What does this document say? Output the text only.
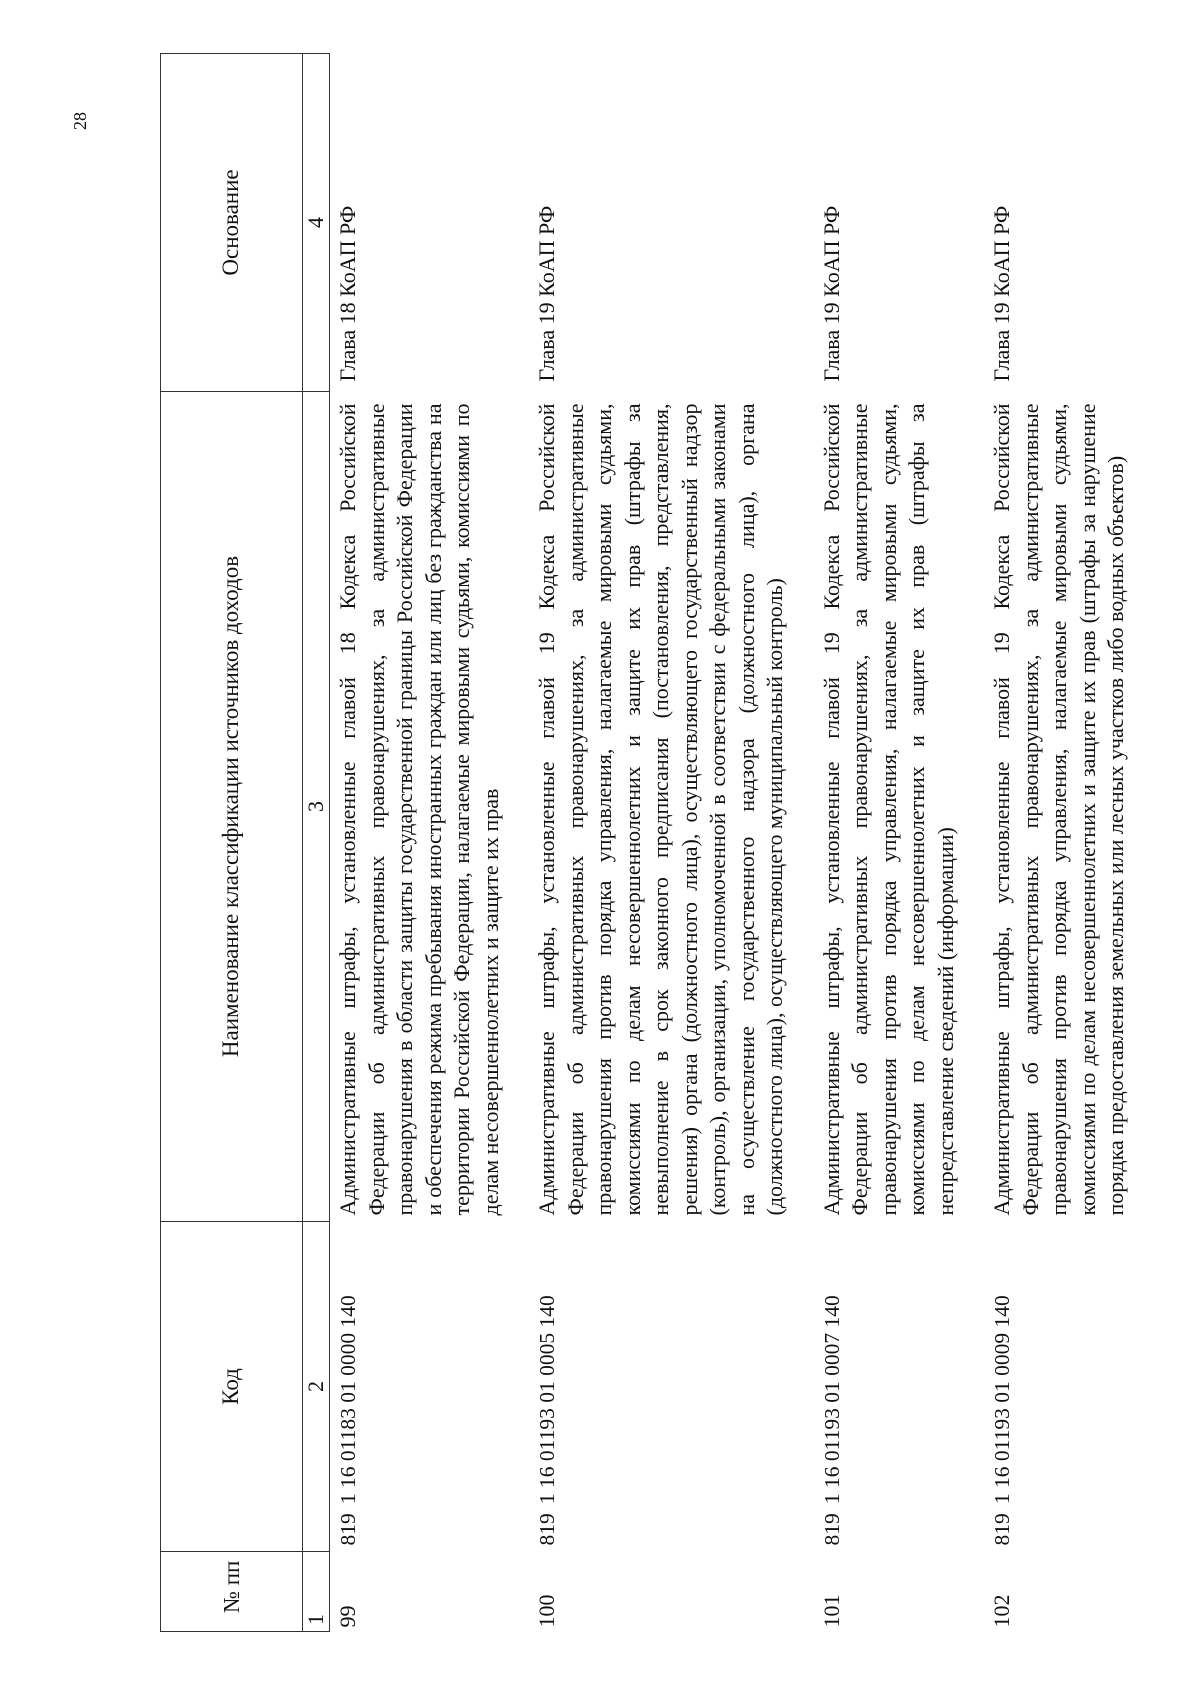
28
№ пп	Код	Наименование классификации источников доходов	Основание
1	2	3	4
99	819 1 16 01183 01 0000 140	Административные штрафы, установленные главой 18 Кодекса Российской Федерации об административных правонарушениях, за административные правонарушения в области защиты государственной границы Российской Федерации и обеспечения режима пребывания иностранных граждан или лиц без гражданства на территории Российской Федерации, налагаемые мировыми судьями, комиссиями по делам несовершеннолетних и защите их прав	Глава 18 КоАП РФ
100	819 1 16 01193 01 0005 140	Административные штрафы, установленные главой 19 Кодекса Российской Федерации об административных правонарушениях, за административные правонарушения против порядка управления, налагаемые мировыми судьями, комиссиями по делам несовершеннолетних и защите их прав (штрафы за невыполнение в срок законного предписания (постановления, представления, решения) органа (должностного лица), осуществляющего государственный надзор (контроль), организации, уполномоченной в соответствии с федеральными законами на осуществление государственного надзора (должностного лица), органа (должностного лица), осуществляющего муниципальный контроль)	Глава 19 КоАП РФ
101	819 1 16 01193 01 0007 140	Административные штрафы, установленные главой 19 Кодекса Российской Федерации об административных правонарушениях, за административные правонарушения против порядка управления, налагаемые мировыми судьями, комиссиями по делам несовершеннолетних и защите их прав (штрафы за непредставление сведений (информации)	Глава 19 КоАП РФ
102	819 1 16 01193 01 0009 140	Административные штрафы, установленные главой 19 Кодекса Российской Федерации об административных правонарушениях, за административные правонарушения против порядка управления, налагаемые мировыми судьями, комиссиями по делам несовершеннолетних и защите их прав (штрафы за нарушение порядка предоставления земельных или лесных участков либо водных объектов)	Глава 19 КоАП РФ
